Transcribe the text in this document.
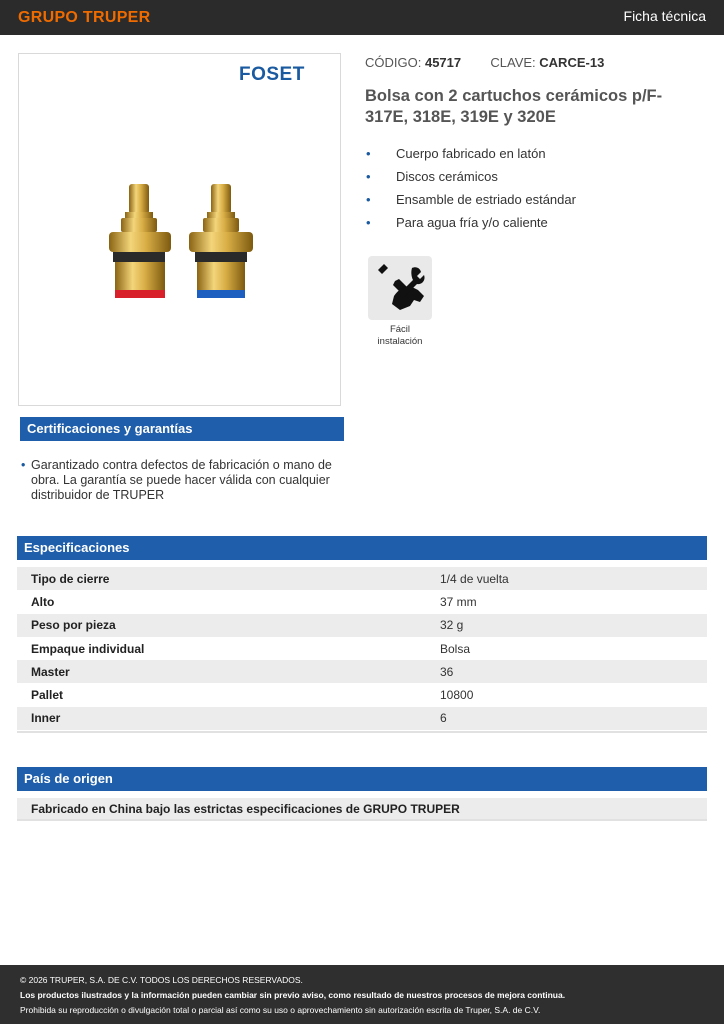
GRUPO TRUPER	Ficha técnica
FOSET
CÓDIGO: 45717 CLAVE: CARCE-13
Bolsa con 2 cartuchos cerámicos p/F-317E, 318E, 319E y 320E
• Cuerpo fabricado en latón
• Discos cerámicos
• Ensamble de estriado estándar
• Para agua fría y/o caliente
Fácil
instalación
Certificaciones y garantías
• Garantizado contra defectos de fabricación o mano de obra. La garantía se puede hacer válida con cualquier distribuidor de TRUPER
Especificaciones
Tipo de cierre	1/4 de vuelta
Alto	37 mm
Peso por pieza	32 g
Empaque individual	Bolsa
Master	36
Pallet	10800
Inner	6
País de origen
Fabricado en China bajo las estrictas especificaciones de GRUPO TRUPER
© 2026 TRUPER, S.A. DE C.V. TODOS LOS DERECHOS RESERVADOS.
Los productos ilustrados y la información pueden cambiar sin previo aviso, como resultado de nuestros procesos de mejora continua.
Prohibida su reproducción o divulgación total o parcial así como su uso o aprovechamiento sin autorización escrita de Truper, S.A. de C.V.
